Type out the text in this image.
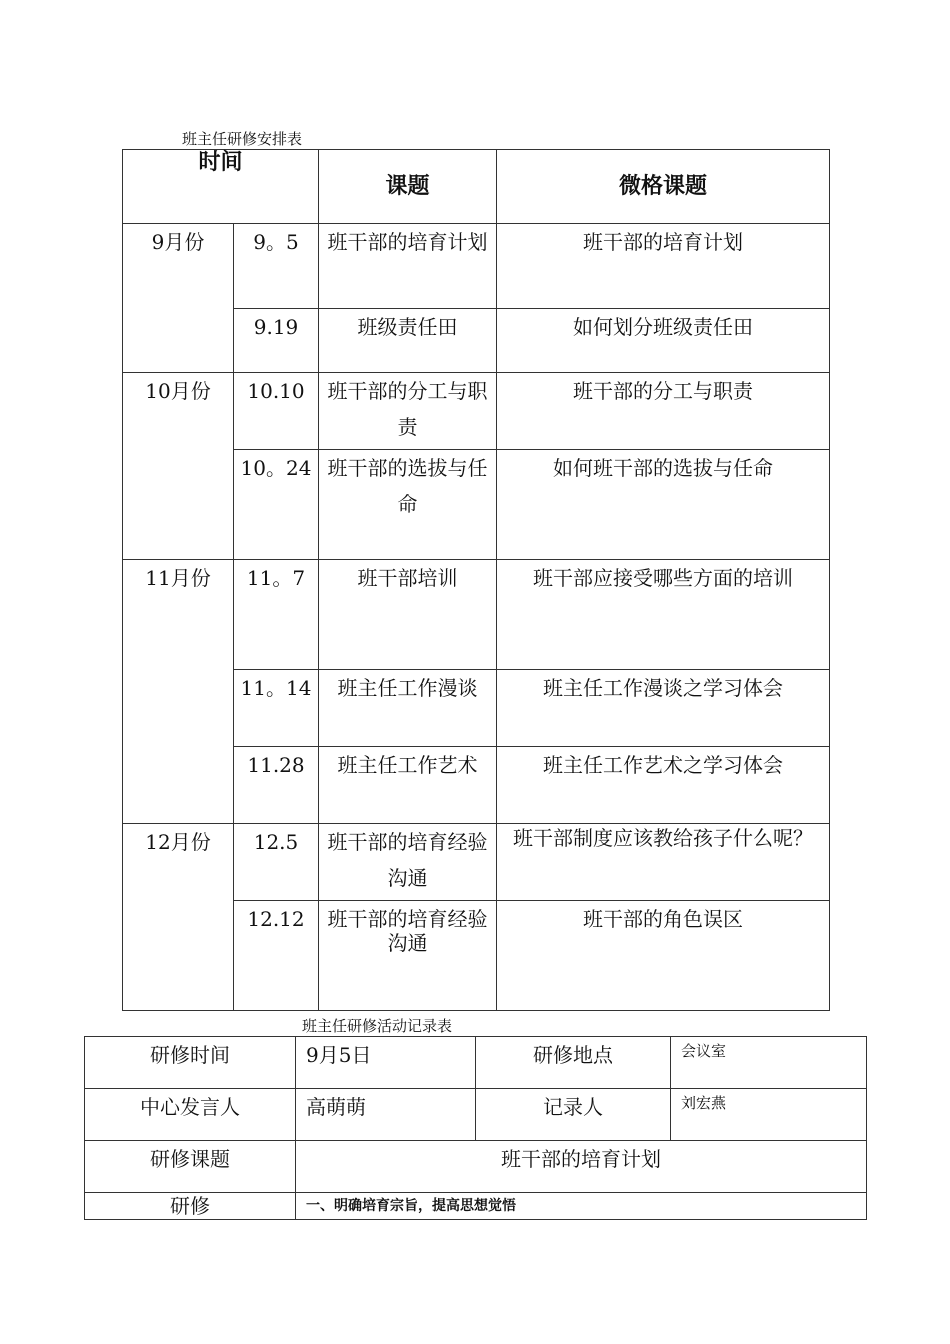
班主任研修安排表
时间		课题	微格课题
9月份	9。5	班干部的培育计划	班干部的培育计划
	9.19	班级责任田	如何划分班级责任田
10月份	10.10	班干部的分工与职责	班干部的分工与职责
	10。24	班干部的选拔与任命	如何班干部的选拔与任命
11月份	11。7	班干部培训	班干部应接受哪些方面的培训
	11。14	班主任工作漫谈	班主任工作漫谈之学习体会
	11.28	班主任工作艺术	班主任工作艺术之学习体会
12月份	12.5	班干部的培育经验沟通	班干部制度应该教给孩子什么呢？
	12.12	班干部的培育经验沟通	班干部的角色误区
班主任研修活动记录表
研修时间	9月5日	研修地点	会议室
中心发言人	高萌萌	记录人	刘宏燕
研修课题	班干部的培育计划		
研修	一、明确培育宗旨，提高思想觉悟		
